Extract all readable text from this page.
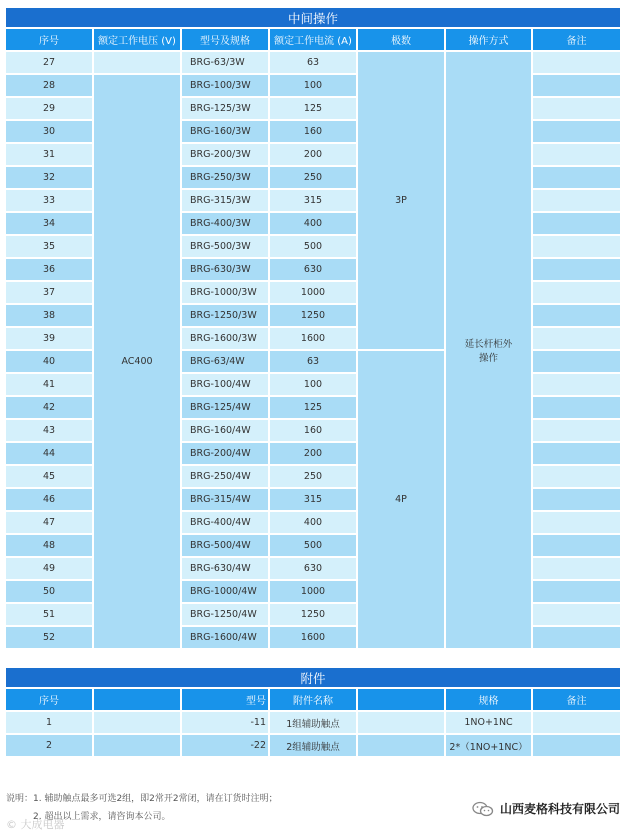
中间操作						
序号	额定工作电压 (V)	型号及规格	额定工作电流 (A)	极数	操作方式	备注
27		BRG-63/3W	63	3P	延长杆柜外
操作	
28	AC400	BRG-100/3W	100			
29		BRG-125/3W	125			
30		BRG-160/3W	160			
31		BRG-200/3W	200			
32		BRG-250/3W	250			
33		BRG-315/3W	315			
34		BRG-400/3W	400			
35		BRG-500/3W	500			
36		BRG-630/3W	630			
37		BRG-1000/3W	1000			
38		BRG-1250/3W	1250			
39		BRG-1600/3W	1600			
40		BRG-63/4W	63	4P		
41		BRG-100/4W	100			
42		BRG-125/4W	125			
43		BRG-160/4W	160			
44		BRG-200/4W	200			
45		BRG-250/4W	250			
46		BRG-315/4W	315			
47		BRG-400/4W	400			
48		BRG-500/4W	500			
49		BRG-630/4W	630			
50		BRG-1000/4W	1000			
51		BRG-1250/4W	1250			
52		BRG-1600/4W	1600			
附件						
序号		型号	附件名称		规格	备注
1		-11	1组辅助触点		1NO+1NC	
2		-22	2组辅助触点		2*（1NO+1NC）	
说明：1. 辅助触点最多可选2组，即2常开2常闭，请在订货时注明；
2. 超出以上需求，请咨询本公司。
山西麦格科技有限公司
© 大成电器
